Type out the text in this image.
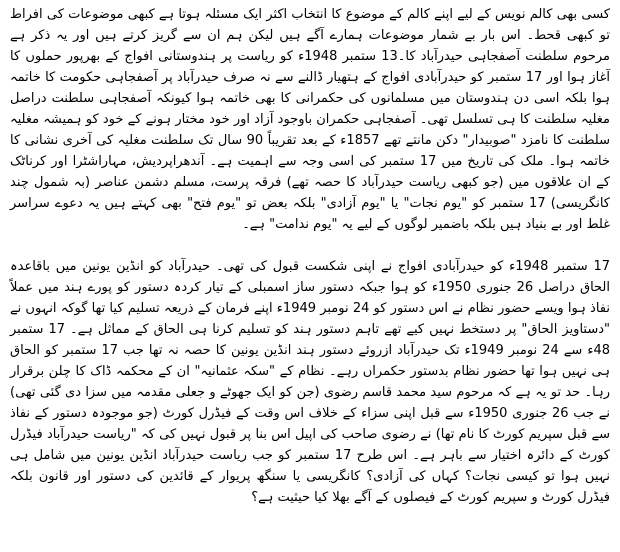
کسی بھی کالم نویس کے لیے اپنے کالم کے موضوع کا انتخاب اکثر ایک مسئلہ ہوتا ہے کبھی موضوعات کی افراط تو کبھی قحط۔ اس بار بے شمار موضوعات ہمارے آگے ہیں لیکن ہم ان سے گریز کرتے ہیں اور یہ ذکر ہے مرحوم سلطنت آصفجاہی حیدرآباد کا۔13 ستمبر 1948ء کو ریاست پر ہندوستانی افواج کے بھرپور حملوں کا آغاز ہوا اور 17 ستمبر کو حیدرآبادی افواج کے ہتھیار ڈالنے سے نہ صرف حیدرآباد پر آصفجاہی حکومت کا خاتمہ ہوا بلکہ اسی دن ہندوستان میں مسلمانوں کی حکمرانی کا بھی خاتمہ ہوا کیونکہ آصفجاہی سلطنت دراصل مغلیہ سلطنت کا ہی تسلسل تھی۔ آصفجاہی حکمران باوجود آزاد اور خود مختار ہونے کے خود کو ہمیشہ مغلیہ سلطنت کا نامزد "صوبیدار" دکن مانتے تھے 1857ء کے بعد تقریباً 90 سال تک سلطنت مغلیہ کی آخری نشانی کا خاتمہ ہوا۔ ملک کی تاریخ میں 17 ستمبر کی اسی وجہ سے اہمیت ہے۔ آندھراپردیش، مہاراشٹرا اور کرناٹک کے ان علاقوں میں (جو کبھی ریاست حیدرآباد کا حصہ تھے) فرقہ پرست، مسلم دشمن عناصر (بہ شمول چند کانگریسی) 17 ستمبر کو "یوم نجات" یا "یوم آزادی" بلکہ بعض تو "یوم فتح" بھی کہتے ہیں یہ دعوے سراسر غلط اور بے بنیاد ہیں بلکہ باضمیر لوگوں کے لیے یہ "یوم ندامت" ہے۔

17 ستمبر 1948ء کو حیدرآبادی افواج نے اپنی شکست قبول کی تھی۔ حیدرآباد کو انڈین یونین میں باقاعدہ الحاق دراصل 26 جنوری 1950ء کو ہوا جبکہ دستور ساز اسمبلی کے تیار کردہ دستور کو پورے ہند میں عملاً نفاذ ہوا ویسے حضور نظام نے اس دستور کو 24 نومبر 1949ء اپنے فرمان کے ذریعہ تسلیم کیا تھا گوکہ انہوں نے "دستاویز الحاق" پر دستخط نہیں کیے تھے تاہم دستور ہند کو تسلیم کرنا ہی الحاق کے مماثل ہے۔ 17 ستمبر 48ء سے 24 نومبر 1949ء تک حیدرآباد ازروئے دستور ہند انڈین یونین کا حصہ نہ تھا جب 17 ستمبر کو الحاق ہی نہیں ہوا تھا حضور نظام بدستور حکمراں رہے۔ نظام کے "سکہ عثمانیہ" ان کے محکمہ ڈاک کا چلن برقرار رہا۔ حد تو یہ ہے کہ مرحوم سید محمد قاسم رضوی (جن کو ایک جھوٹے و جعلی مقدمہ میں سزا دی گئی تھی) نے جب 26 جنوری 1950ء سے قبل اپنی سزاء کے خلاف اس وقت کے فیڈرل کورٹ (جو موجودہ دستور کے نفاذ سے قبل سپریم کورٹ کا نام تھا) نے رضوی صاحب کی اپیل اس بنا پر قبول نہیں کی کہ "ریاست حیدرآباد فیڈرل کورٹ کے دائرہ اختیار سے باہر ہے۔ اس طرح 17 ستمبر کو جب ریاست حیدرآباد انڈین یونین میں شامل ہی نہیں ہوا تو کیسی نجات؟ کہاں کی آزادی؟ کانگریسی یا سنگھ پریوار کے قائدین کی دستور اور قانون بلکہ فیڈرل کورٹ و سپریم کورٹ کے فیصلوں کے آگے بھلا کیا حیثیت ہے؟
